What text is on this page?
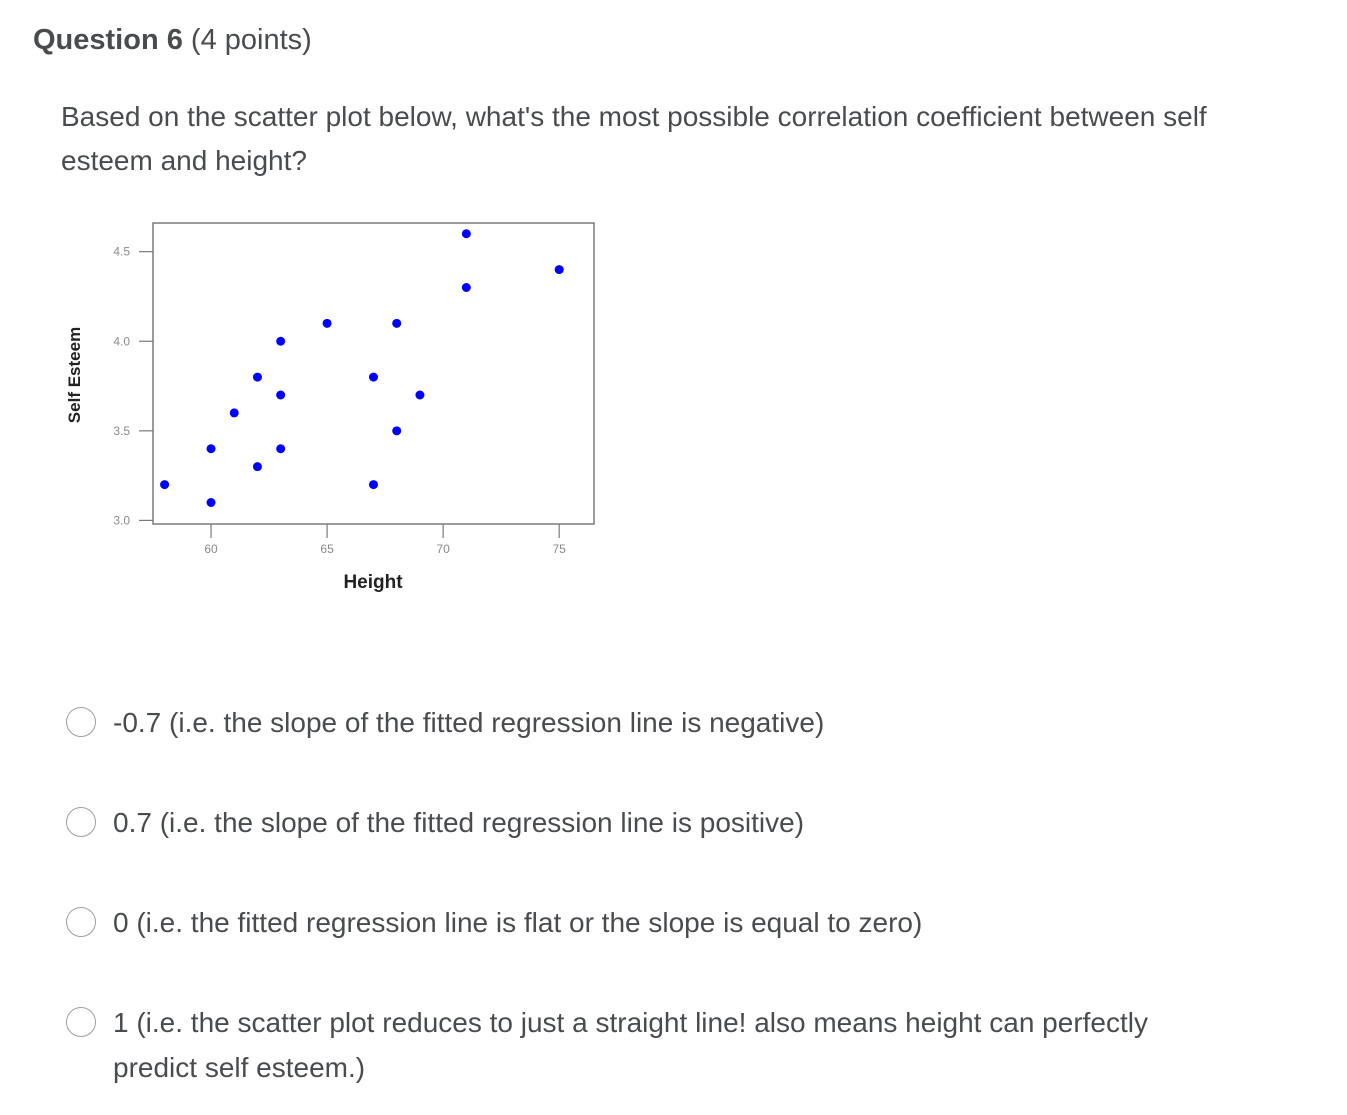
Question 6 (4 points)
Based on the scatter plot below, what's the most possible correlation coefficient between self esteem and height?
60	65	70	75
3.0
3.5
4.0
4.5
Height
Self Esteem
-0.7 (i.e. the slope of the fitted regression line is negative)
0.7 (i.e. the slope of the fitted regression line is positive)
0 (i.e. the fitted regression line is flat or the slope is equal to zero)
1 (i.e. the scatter plot reduces to just a straight line! also means height can perfectly predict self esteem.)
